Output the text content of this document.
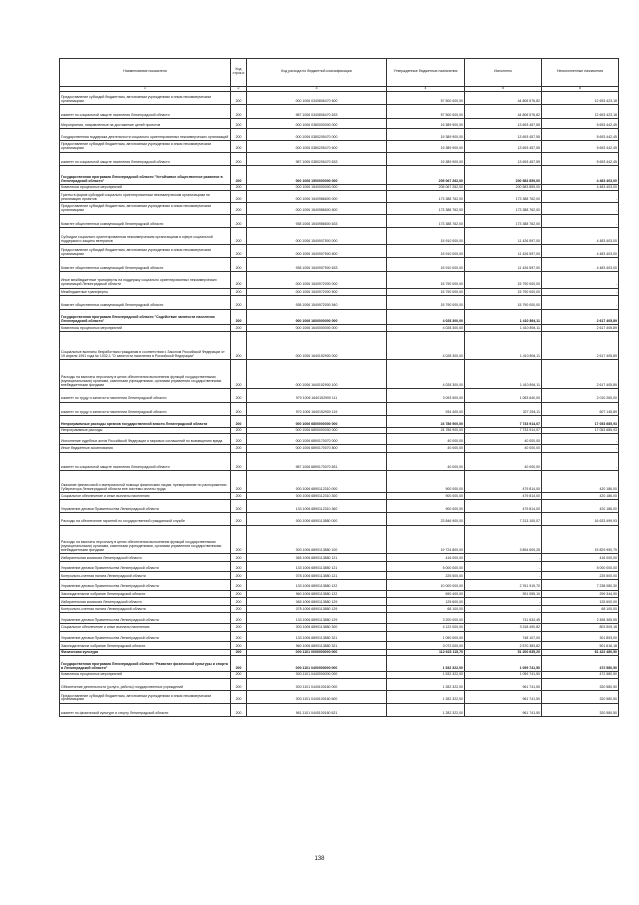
Наименование показателя	Код строк и	Код расхода по бюджетной классификации	Утвержденные бюджетные назначения	Исполнено	Неисполненные назначения
1	2	3	4	5	6
Предоставление субсидий бюджетным, автономным учреждениям и иным некоммерческим организациям	200	000 1006 0340806470 600	57 500 000,00	44 806 576,82	12 693 423,18
комитет по социальной защите населения Ленинградской области	200	987 1006 0340806470 633	57 500 000,00	44 806 576,82	12 693 423,18
Мероприятия, направленные на достижение целей проектов	200	000 1006 0380000000 000	19 389 900,00	13 693 457,55	5 693 442,45
Государственная поддержка деятельности социально ориентированных некоммерческих организаций	200	000 1006 0380205470 000	19 389 900,00	13 693 457,55	5 693 442,45
Предоставление субсидий бюджетным, автономным учреждениям и иным некоммерческим организациям	200	000 1006 0380205470 600	19 389 900,00	13 693 457,55	5 693 442,45
комитет по социальной защите населения Ленинградской области	200	987 1006 0380205470 633	19 389 900,00	13 693 457,55	5 693 442,45
Государственная программа Ленинградской области "Устойчивое общественное развитие в Ленинградской области"	200	000 1006 1500000000 000	205 067 262,00	200 583 859,00	4 483 403,00
Комплексы процессных мероприятий	200	000 1006 1540000000 000	205 067 262,00	200 583 859,00	4 483 403,00
Гранты в форме субсидий социально ориентированным некоммерческим организациям на реализацию проектов	200	000 1006 1540986600 000	173 388 762,00	173 388 762,00	-
Предоставление субсидий бюджетным, автономным учреждениям и иным некоммерческим организациям	200	000 1006 1540986600 600	173 388 762,00	173 388 762,00	-
Комитет общественных коммуникаций Ленинградской области	200	938 1006 1540986600 633	173 388 762,00	173 388 762,00	-
Субсидии социально ориентированным некоммерческим организациям в сфере социальной поддержки и защиты ветеранов	200	000 1006 1540907500 000	15 910 000,00	11 426 597,00	4 483 403,00
Предоставление субсидий бюджетным, автономным учреждениям и иным некоммерческим организациям	200	000 1006 1540907500 600	15 910 000,00	11 426 597,00	4 483 403,00
Комитет общественных коммуникаций Ленинградской области	200	938 1006 1540907500 633	15 910 000,00	11 426 597,00	4 483 403,00
Иные межбюджетные трансферты на поддержку социально ориентированных некоммерческих организаций Ленинградской области	200	000 1006 1540972000 000	15 790 000,00	15 790 000,00	-
Межбюджетные трансферты	200	000 1006 1540972000 500	15 790 000,00	15 790 000,00	-
Комитет общественных коммуникаций Ленинградской области	200	938 1006 1540972000 540	15 790 000,00	15 790 000,00	-
Государственная программа Ленинградской области "Содействие занятости населения Ленинградской области"	200	000 1006 1600000000 000	4 028 300,00	1 410 894,11	2 617 405,89
Комплексы процессных мероприятий	200	000 1006 1640000000 000	4 028 300,00	1 410 894,11	2 617 405,89
Социальные выплаты безработным гражданам в соответствии с Законом Российской Федерации от 19 апреля 1991 года № 1032-1 "О занятости населения в Российской Федерации"	200	000 1006 1640152900 000	4 028 300,00	1 410 894,11	2 617 405,89
Расходы на выплаты персоналу в целях обеспечения выполнения функций государственными (муниципальными) органами, казенными учреждениями, органами управления государственными внебюджетными фондами	200	000 1006 1640152900 100	4 028 300,00	1 410 894,11	2 617 405,89
комитет по труду и занятости населения Ленинградской области	200	970 1006 1640152900 111	3 093 900,00	1 083 640,00	2 010 260,00
комитет по труду и занятости населения Ленинградской области	200	970 1006 1640152900 119	934 400,00	327 254,11	607 145,89
Непрограммные расходы органов государственной власти Ленинградской области	200	000 1006 6800000000 000	24 786 900,00	7 733 914,07	17 053 685,93
Непрограммные расходы	200	000 1006 6890000000 000	24 786 900,00	7 733 914,07	17 053 685,93
Исполнение судебных актов Российской Федерации и мировых соглашений по возмещению вреда	200	000 1006 6890170070 000	40 000,00	40 000,00	-
Иные бюджетные ассигнования	200	000 1006 6890170070 800	40 000,00	40 000,00	-
комитет по социальной защите населения Ленинградской области	200	987 1006 6890170070 831	40 000,00	40 000,00	-
Оказание финансовой и материальной помощи физическим лицам, премирование по распоряжению Губернатора Ленинградской области вне системы оплаты труда	200	000 1006 6890112310 000	900 000,00	479 814,00	420 186,00
Социальное обеспечение и иные выплаты населению	200	000 1006 6890112310 300	900 000,00	479 814,00	420 186,00
Управление делами Правительства Ленинградской области	200	133 1006 6890112310 360	900 000,00	479 814,00	420 186,00
Расходы на обеспечение гарантий по государственной гражданской службе	200	000 1006 6890113880 000	23 846 900,00	7 213 100,07	16 633 499,93
Расходы на выплаты персоналу в целях обеспечения выполнения функций государственными (муниципальными) органами, казенными учреждениями, органами управления государственными внебюджетными фондами	200	000 1006 6890113880 100	19 724 800,00	3 894 609,25	15 829 990,75
Избирательная комиссия Ленинградской области	200	065 1006 6890113880 121	416 000,00	-	416 000,00
Управление делами Правительства Ленинградской области	200	133 1006 6890113880 121	5 000 000,00	-	5 000 000,00
Контрольно-счетная палата Ленинградской области	200	078 1006 6890113880 121	225 500,00	-	225 500,00
Управление делами Правительства Ленинградской области	200	133 1006 6890113880 122	10 000 000,00	2 761 919,70	7 238 080,30
Законодательное собрание Ленинградской области	200	960 1006 6890113880 122	690 400,00	391 055,10	299 344,90
Избирательная комиссия Ленинградской области	200	065 1006 6890113880 129	125 600,00	-	125 600,00
Контрольно-счетная палата Ленинградской области	200	078 1006 6890113880 129	68 100,00	-	68 100,00
Управление делами Правительства Ленинградской области	200	133 1006 6890113880 129	3 200 000,00	741 634,45	2 458 365,55
Социальное обеспечение и иные выплаты населению	200	000 1006 6890113880 300	4 122 000,00	3 318 490,82	803 509,18
Управление делами Правительства Ленинградской области	200	133 1006 6890113880 321	1 050 000,00	748 107,00	301 893,00
Законодательное собрание Ленинградской области	200	960 1006 6890113880 321	3 072 000,00	2 570 383,82	501 616,18
Физическая культура	200	000 1101 0000000000 000	112 623 115,70	51 200 635,20	61 422 480,50
Государственная программа Ленинградской области "Развитие физической культуры и спорта в Ленинградской области"	200	000 1101 0400000000 000	1 532 322,00	1 059 741,50	472 580,50
Комплексы процессных мероприятий	200	000 1101 0440000000 000	1 532 322,00	1 059 741,50	472 580,50
Обеспечение деятельности (услуги, работы) государственных учреждений	200	000 1101 0440100160 000	1 282 322,00	961 741,50	320 580,50
Предоставление субсидий бюджетным, автономным учреждениям и иным некоммерческим организациям	200	000 1101 0440100160 600	1 282 322,00	961 741,50	320 580,50
комитет по физической культуре и спорту Ленинградской области	200	961 1101 0440100160 621	1 282 322,00	961 741,50	320 580,50
138
